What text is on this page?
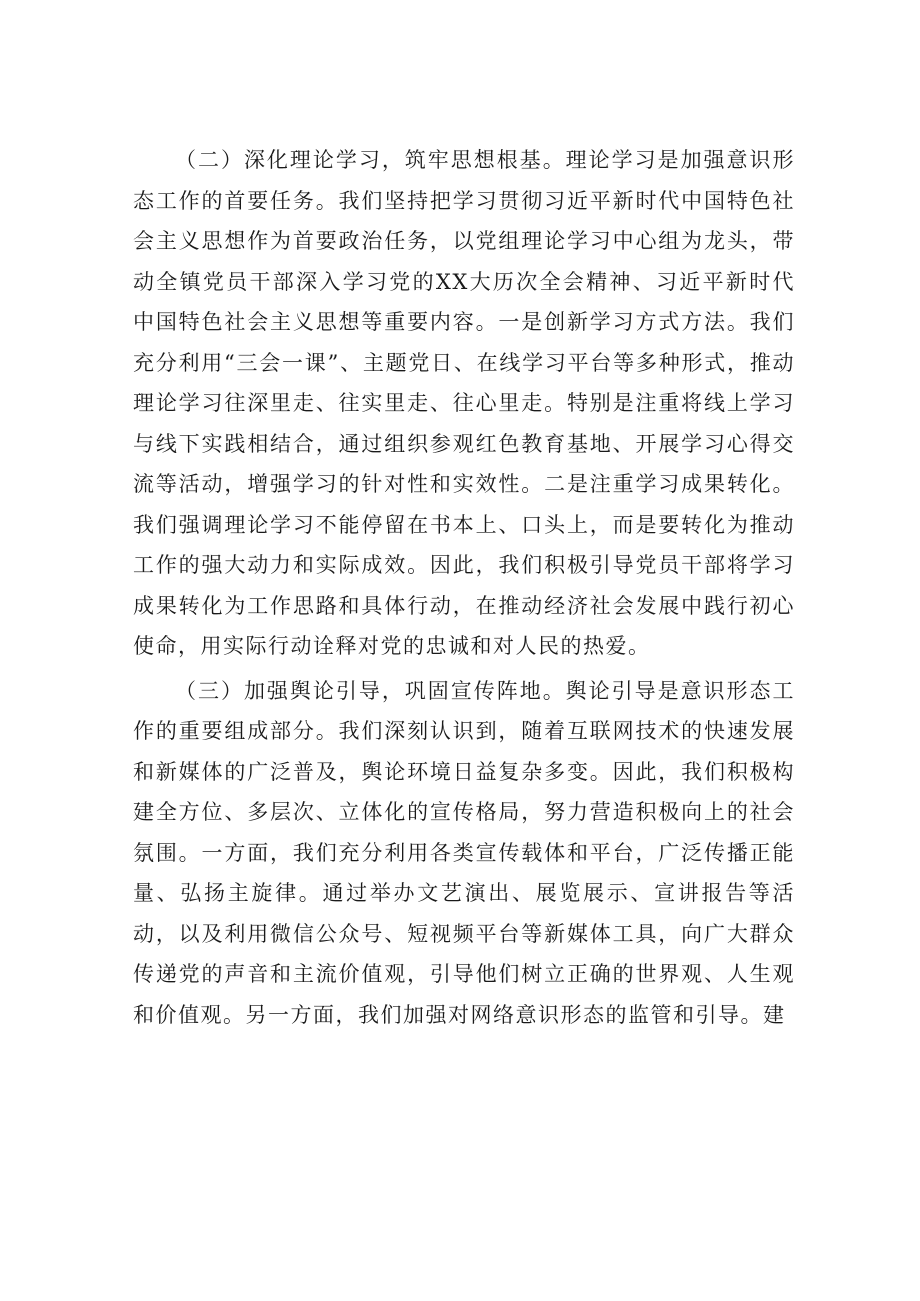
（二）深化理论学习，筑牢思想根基。理论学习是加强意识形态工作的首要任务。我们坚持把学习贯彻习近平新时代中国特色社会主义思想作为首要政治任务，以党组理论学习中心组为龙头，带动全镇党员干部深入学习党的XX大历次全会精神、习近平新时代中国特色社会主义思想等重要内容。一是创新学习方式方法。我们充分利用“三会一课”、主题党日、在线学习平台等多种形式，推动理论学习往深里走、往实里走、往心里走。特别是注重将线上学习与线下实践相结合，通过组织参观红色教育基地、开展学习心得交流等活动，增强学习的针对性和实效性。二是注重学习成果转化。我们强调理论学习不能停留在书本上、口头上，而是要转化为推动工作的强大动力和实际成效。因此，我们积极引导党员干部将学习成果转化为工作思路和具体行动，在推动经济社会发展中践行初心使命，用实际行动诠释对党的忠诚和对人民的热爱。

（三）加强舆论引导，巩固宣传阵地。舆论引导是意识形态工作的重要组成部分。我们深刻认识到，随着互联网技术的快速发展和新媒体的广泛普及，舆论环境日益复杂多变。因此，我们积极构建全方位、多层次、立体化的宣传格局，努力营造积极向上的社会氛围。一方面，我们充分利用各类宣传载体和平台，广泛传播正能量、弘扬主旋律。通过举办文艺演出、展览展示、宣讲报告等活动，以及利用微信公众号、短视频平台等新媒体工具，向广大群众传递党的声音和主流价值观，引导他们树立正确的世界观、人生观和价值观。另一方面，我们加强对网络意识形态的监管和引导。建
